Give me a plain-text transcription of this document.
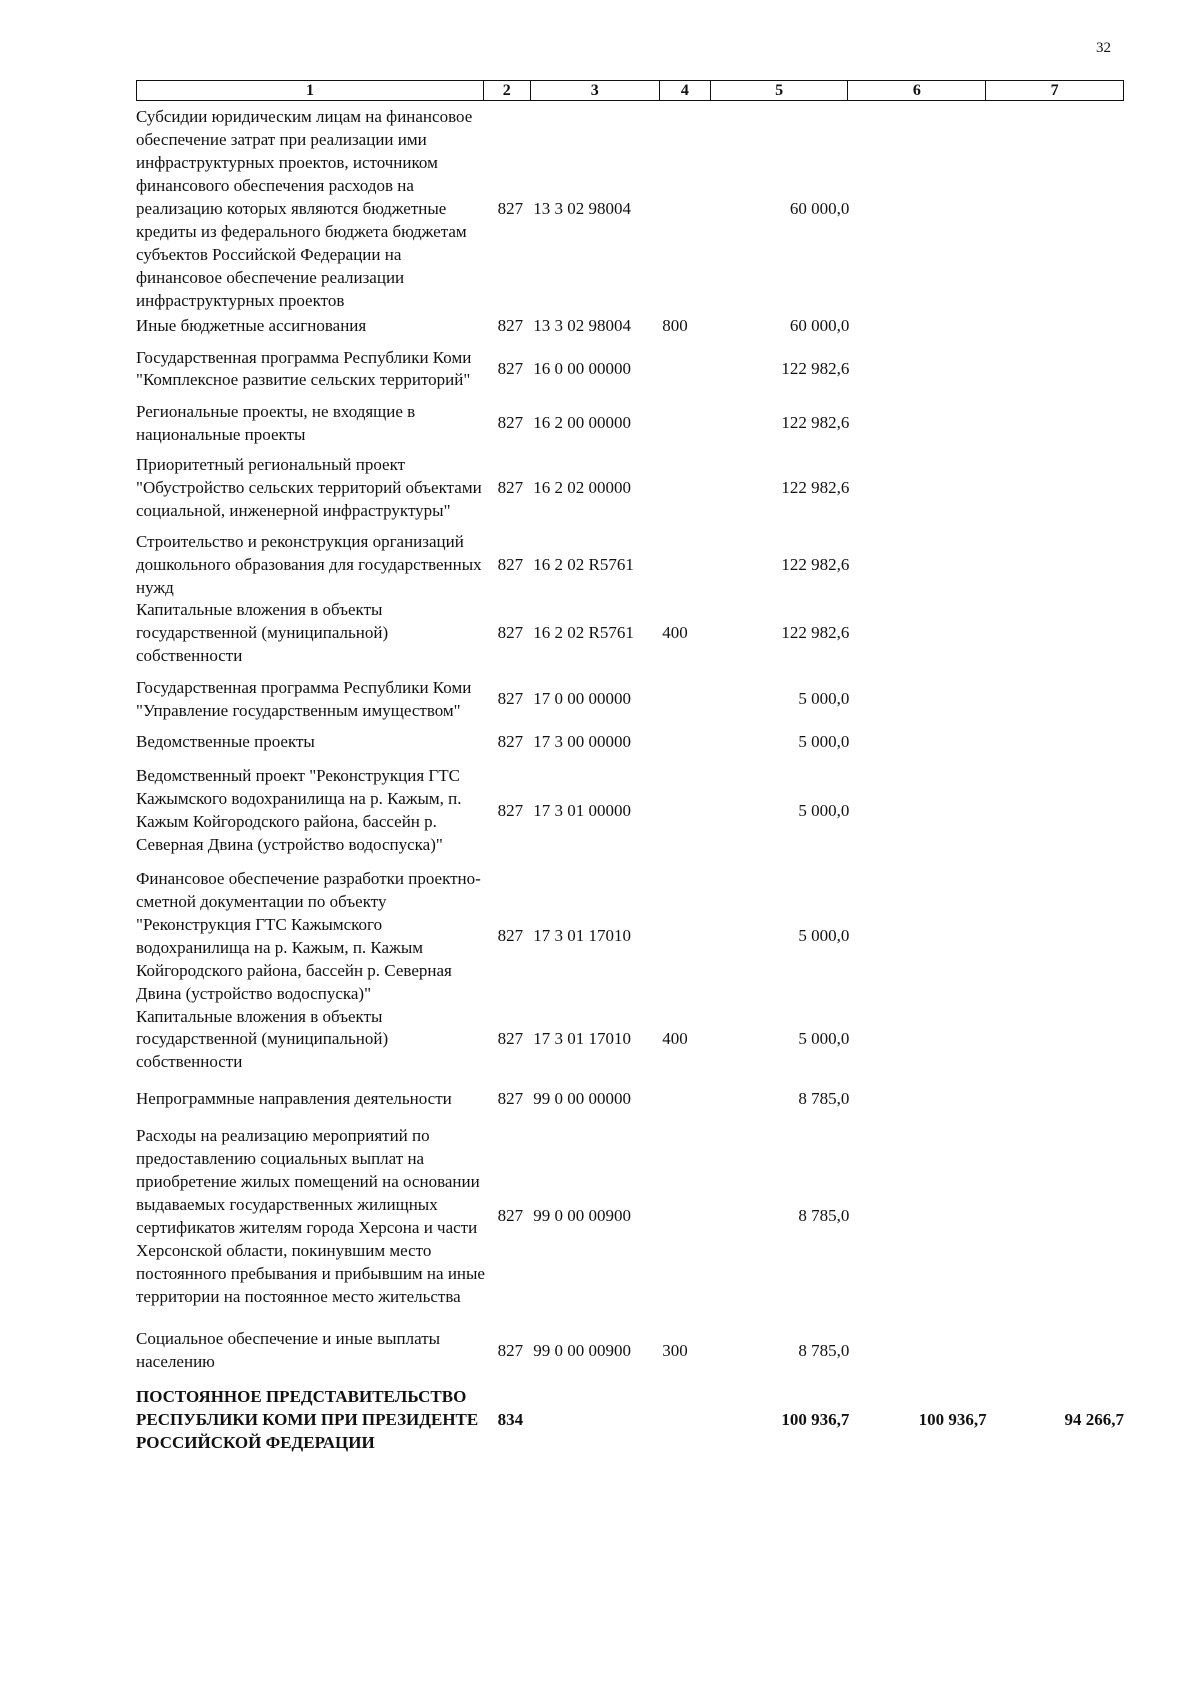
32
1	2	3	4	5	6	7
Субсидии юридическим лицам на финансовое обеспечение затрат при реализации ими инфраструктурных проектов, источником финансового обеспечения расходов на реализацию которых являются бюджетные кредиты из федерального бюджета бюджетам субъектов Российской Федерации на финансовое обеспечение реализации инфраструктурных проектов	827	13 3 02 98004		60 000,0		
Иные бюджетные ассигнования	827	13 3 02 98004	800	60 000,0		
Государственная программа Республики Коми "Комплексное развитие сельских территорий"	827	16 0 00 00000		122 982,6		
Региональные проекты, не входящие в национальные проекты	827	16 2 00 00000		122 982,6		
Приоритетный региональный проект "Обустройство сельских территорий объектами социальной, инженерной инфраструктуры"	827	16 2 02 00000		122 982,6		
Строительство и реконструкция организаций дошкольного образования для государственных нужд	827	16 2 02 R5761		122 982,6		
Капитальные вложения в объекты государственной (муниципальной) собственности	827	16 2 02 R5761	400	122 982,6		
Государственная программа Республики Коми "Управление государственным имуществом"	827	17 0 00 00000		5 000,0		
Ведомственные проекты	827	17 3 00 00000		5 000,0		
Ведомственный проект "Реконструкция ГТС Кажымского водохранилища на р. Кажым, п. Кажым Койгородского района, бассейн р. Северная Двина (устройство водоспуска)"	827	17 3 01 00000		5 000,0		
Финансовое обеспечение разработки проектно-сметной документации по объекту "Реконструкция ГТС Кажымского водохранилища на р. Кажым, п. Кажым Койгородского района, бассейн р. Северная Двина (устройство водоспуска)"	827	17 3 01 17010		5 000,0		
Капитальные вложения в объекты государственной (муниципальной) собственности	827	17 3 01 17010	400	5 000,0		
Непрограммные направления деятельности	827	99 0 00 00000		8 785,0		
Расходы на реализацию мероприятий по предоставлению социальных выплат на приобретение жилых помещений на основании выдаваемых государственных жилищных сертификатов жителям города Херсона и части Херсонской области, покинувшим место постоянного пребывания и прибывшим на иные территории на постоянное место жительства	827	99 0 00 00900		8 785,0		
Социальное обеспечение и иные выплаты населению	827	99 0 00 00900	300	8 785,0		
ПОСТОЯННОЕ ПРЕДСТАВИТЕЛЬСТВО РЕСПУБЛИКИ КОМИ ПРИ ПРЕЗИДЕНТЕ РОССИЙСКОЙ ФЕДЕРАЦИИ	834			100 936,7	100 936,7	94 266,7
